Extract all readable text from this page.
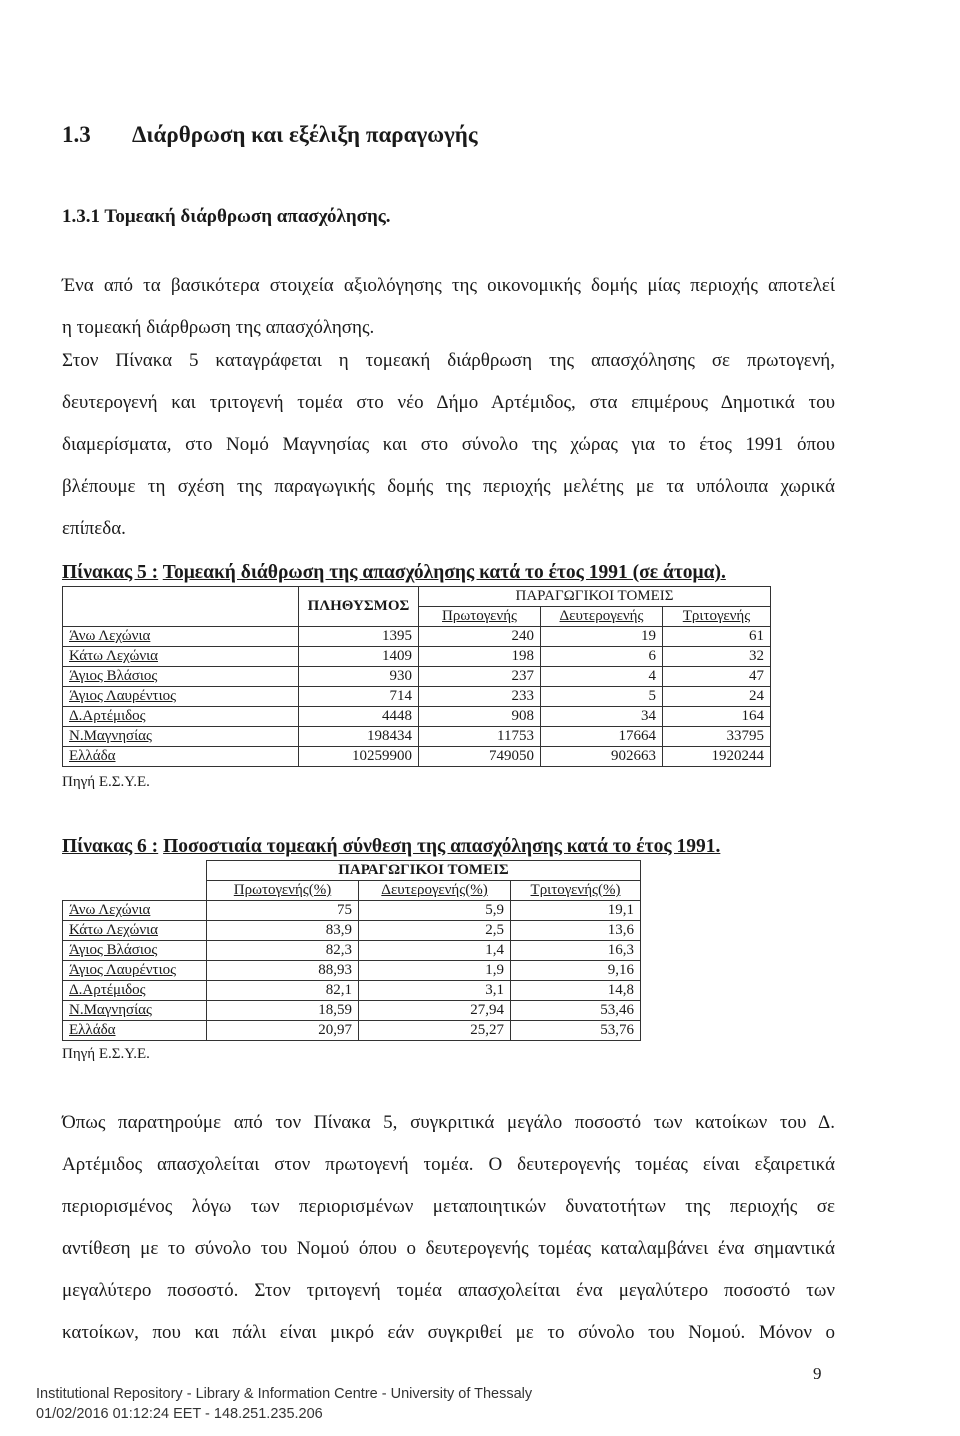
1.3 Διάρθρωση και εξέλιξη παραγωγής
1.3.1 Τομεακή διάρθρωση απασχόλησης.
Ένα από τα βασικότερα στοιχεία αξιολόγησης της οικονομικής δομής μίας περιοχής αποτελεί
η τομεακή διάρθρωση της απασχόλησης.
Στον Πίνακα 5 καταγράφεται η τομεακή διάρθρωση της απασχόλησης σε πρωτογενή,
δευτερογενή και τριτογενή τομέα στο νέο Δήμο Αρτέμιδος, στα επιμέρους Δημοτικά του
διαμερίσματα, στο Νομό Μαγνησίας και στο σύνολο της χώρας για το έτος 1991 όπου
βλέπουμε τη σχέση της παραγωγικής δομής της περιοχής μελέτης με τα υπόλοιπα χωρικά
επίπεδα.
Πίνακας 5 : Τομεακή διάθρωση της απασχόλησης κατά το έτος 1991 (σε άτομα).
	ΠΛΗΘΥΣΜΟΣ	ΠΑΡΑΓΩΓΙΚΟΙ ΤΟΜΕΙΣ		
		Πρωτογενής	Δευτερογενής	Τριτογενής
Άνω Λεχώνια	1395	240	19	61
Κάτω Λεχώνια	1409	198	6	32
Άγιος Βλάσιος	930	237	4	47
Άγιος Λαυρέντιος	714	233	5	24
Δ.Αρτέμιδος	4448	908	34	164
Ν.Μαγνησίας	198434	11753	17664	33795
Ελλάδα	10259900	749050	902663	1920244
Πηγή Ε.Σ.Υ.Ε.
Πίνακας 6 : Ποσοστιαία τομεακή σύνθεση της απασχόλησης κατά το έτος 1991.
	ΠΑΡΑΓΩΓΙΚΟΙ ΤΟΜΕΙΣ		
	Πρωτογενής(%)	Δευτερογενής(%)	Τριτογενής(%)
Άνω Λεχώνια	75	5,9	19,1
Κάτω Λεχώνια	83,9	2,5	13,6
Άγιος Βλάσιος	82,3	1,4	16,3
Άγιος Λαυρέντιος	88,93	1,9	9,16
Δ.Αρτέμιδος	82,1	3,1	14,8
Ν.Μαγνησίας	18,59	27,94	53,46
Ελλάδα	20,97	25,27	53,76
Πηγή Ε.Σ.Υ.Ε.
Όπως παρατηρούμε από τον Πίνακα 5, συγκριτικά μεγάλο ποσοστό των κατοίκων του Δ.
Αρτέμιδος απασχολείται στον πρωτογενή τομέα. Ο δευτερογενής τομέας είναι εξαιρετικά
περιορισμένος λόγω των περιορισμένων μεταποιητικών δυνατοτήτων της περιοχής σε
αντίθεση με το σύνολο του Νομού όπου ο δευτερογενής τομέας καταλαμβάνει ένα σημαντικά
μεγαλύτερο ποσοστό. Στον τριτογενή τομέα απασχολείται ένα μεγαλύτερο ποσοστό των
κατοίκων, που και πάλι είναι μικρό εάν συγκριθεί με το σύνολο του Νομού. Μόνον ο
9
Institutional Repository - Library & Information Centre - University of Thessaly
01/02/2016 01:12:24 EET - 148.251.235.206
